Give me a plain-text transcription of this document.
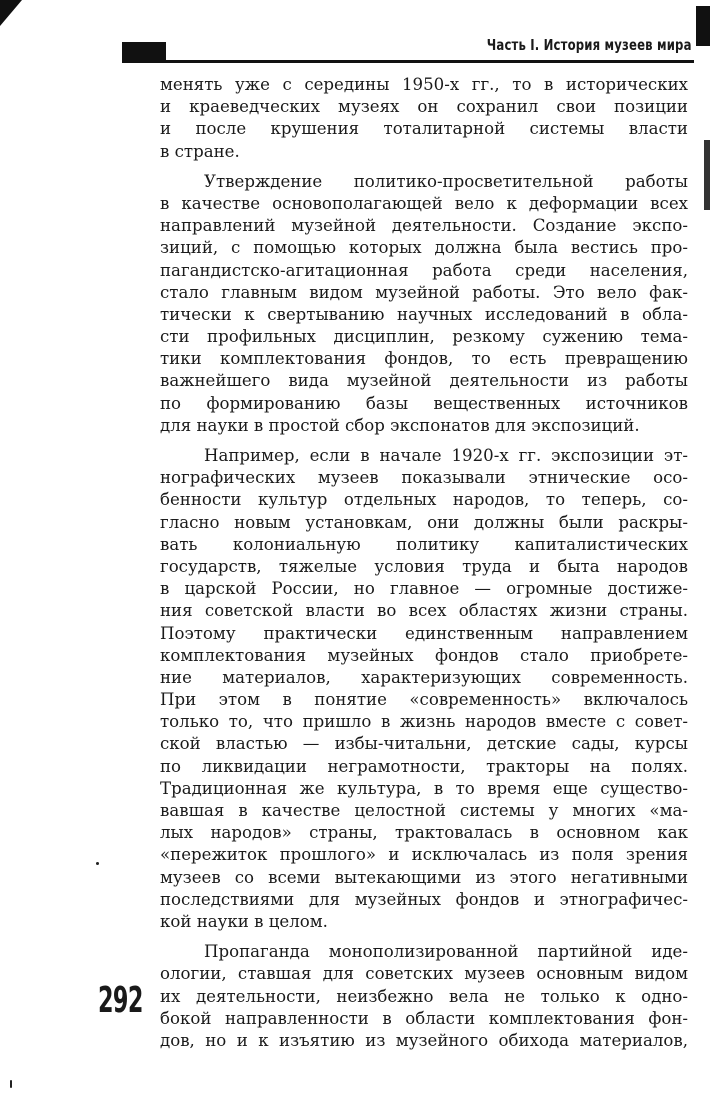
Часть I. История музеев мира
менять уже с середины 1950-х гг., то в исторических
и краеведческих музеях он сохранил свои позиции
и после крушения тоталитарной системы власти
в стране.
Утверждение политико-просветительной работы
в качестве основополагающей вело к деформации всех
направлений музейной деятельности. Создание экспо-
зиций, с помощью которых должна была вестись про-
пагандистско-агитационная работа среди населения,
стало главным видом музейной работы. Это вело фак-
тически к свертыванию научных исследований в обла-
сти профильных дисциплин, резкому сужению тема-
тики комплектования фондов, то есть превращению
важнейшего вида музейной деятельности из работы
по формированию базы вещественных источников
для науки в простой сбор экспонатов для экспозиций.
Например, если в начале 1920-х гг. экспозиции эт-
нографических музеев показывали этнические осо-
бенности культур отдельных народов, то теперь, со-
гласно новым установкам, они должны были раскры-
вать колониальную политику капиталистических
государств, тяжелые условия труда и быта народов
в царской России, но главное — огромные достиже-
ния советской власти во всех областях жизни страны.
Поэтому практически единственным направлением
комплектования музейных фондов стало приобрете-
ние материалов, характеризующих современность.
При этом в понятие «современность» включалось
только то, что пришло в жизнь народов вместе с совет-
ской властью — избы-читальни, детские сады, курсы
по ликвидации неграмотности, тракторы на полях.
Традиционная же культура, в то время еще существо-
вавшая в качестве целостной системы у многих «ма-
лых народов» страны, трактовалась в основном как
«пережиток прошлого» и исключалась из поля зрения
музеев со всеми вытекающими из этого негативными
последствиями для музейных фондов и этнографичес-
кой науки в целом.
Пропаганда монополизированной партийной иде-
ологии, ставшая для советских музеев основным видом
их деятельности, неизбежно вела не только к одно-
бокой направленности в области комплектования фон-
дов, но и к изъятию из музейного обихода материалов,
292
